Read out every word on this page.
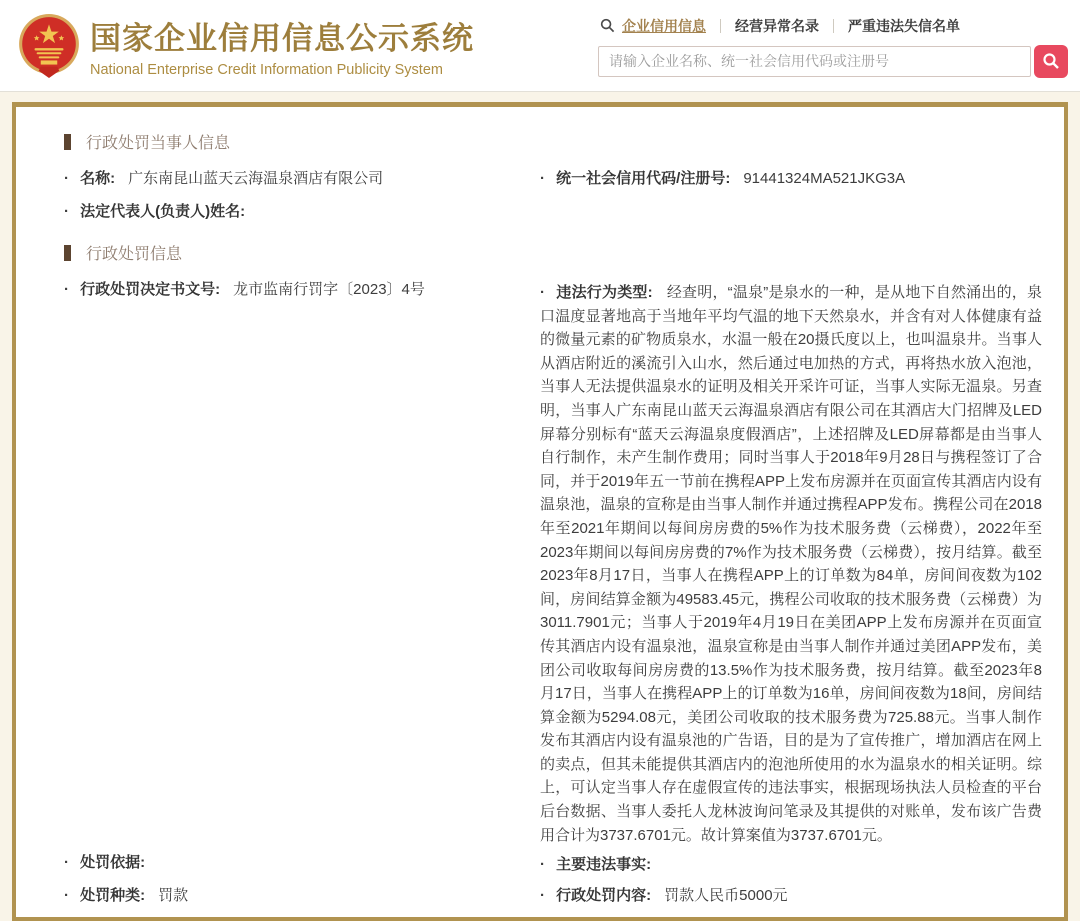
国家企业信用信息公示系统
National Enterprise Credit Information Publicity System
企业信用信息 经营异常名录 严重违法失信名单
请输入企业名称、统一社会信用代码或注册号
行政处罚当事人信息
· 名称: 广东南昆山蓝天云海温泉酒店有限公司
· 法定代表人(负责人)姓名:
· 统一社会信用代码/注册号: 91441324MA521JKG3A
行政处罚信息
· 行政处罚决定书文号: 龙市监南行罚字〔2023〕4号
· 处罚依据:
· 处罚种类: 罚款

· 违法行为类型: 经查明，“温泉”是泉水的一种，是从地下自然涌出的，泉口温度显著地高于当地年平均气温的地下天然泉水，并含有对人体健康有益的微量元素的矿物质泉水，水温一般在20摄氏度以上，也叫温泉井。当事人从酒店附近的溪流引入山水，然后通过电加热的方式，再将热水放入泡池，当事人无法提供温泉水的证明及相关开采许可证，当事人实际无温泉。另查明，当事人广东南昆山蓝天云海温泉酒店有限公司在其酒店大门招牌及LED屏幕分别标有“蓝天云海温泉度假酒店”，上述招牌及LED屏幕都是由当事人自行制作，未产生制作费用；同时当事人于2018年9月28日与携程签订了合同，并于2019年五一节前在携程APP上发布房源并在页面宣传其酒店内设有温泉池，温泉的宣称是由当事人制作并通过携程APP发布。携程公司在2018年至2021年期间以每间房房费的5%作为技术服务费（云梯费），2022年至2023年期间以每间房房费的7%作为技术服务费（云梯费），按月结算。截至2023年8月17日，当事人在携程APP上的订单数为84单，房间间夜数为102间，房间结算金额为49583.45元，携程公司收取的技术服务费（云梯费）为3011.7901元；当事人于2019年4月19日在美团APP上发布房源并在页面宣传其酒店内设有温泉池，温泉宣称是由当事人制作并通过美团APP发布，美团公司收取每间房房费的13.5%作为技术服务费，按月结算。截至2023年8月17日，当事人在携程APP上的订单数为16单，房间间夜数为18间，房间结算金额为5294.08元，美团公司收取的技术服务费为725.88元。当事人制作发布其酒店内设有温泉池的广告语，目的是为了宣传推广，增加酒店在网上的卖点，但其未能提供其酒店内的泡池所使用的水为温泉水的相关证明。综上，可认定当事人存在虚假宣传的违法事实，根据现场执法人员检查的平台后台数据、当事人委托人龙林波询问笔录及其提供的对账单，发布该广告费用合计为3737.6701元。故计算案值为3737.6701元。

· 主要违法事实:
· 行政处罚内容: 罚款人民币5000元
